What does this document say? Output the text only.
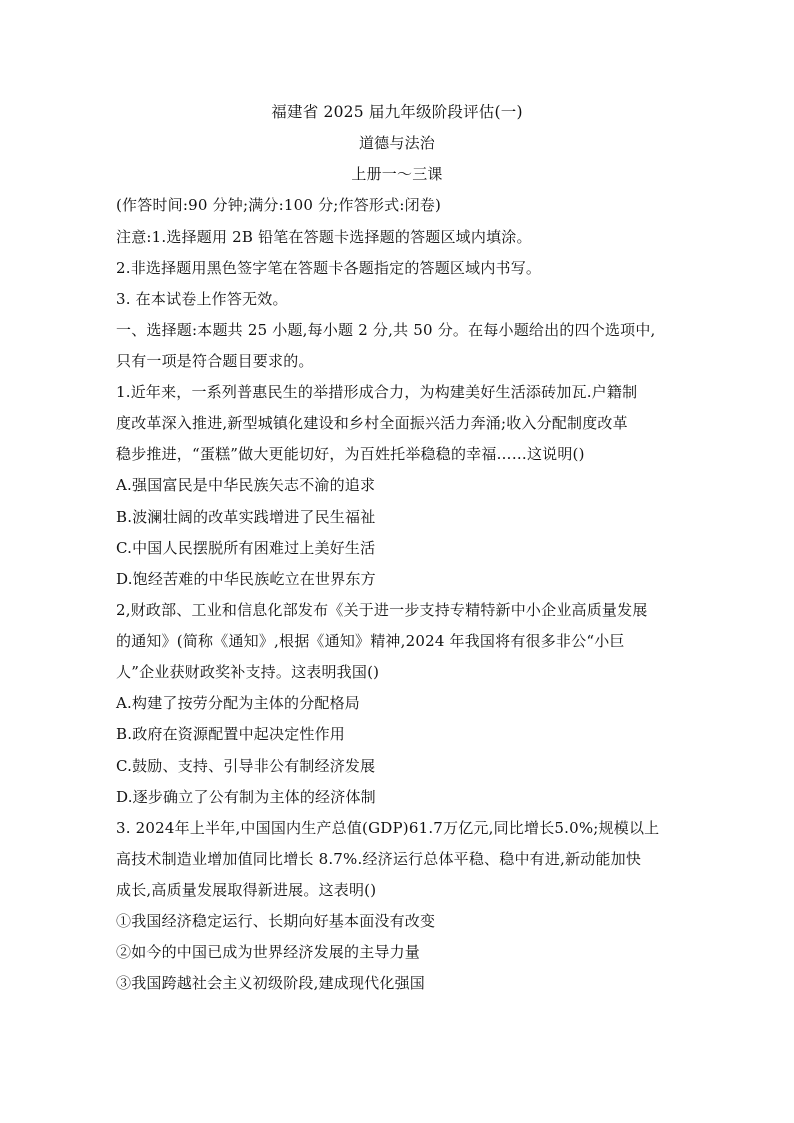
福建省 2025 届九年级阶段评估(一)
道德与法治
上册一～三课
(作答时间:90 分钟;满分:100 分;作答形式:闭卷)
注意:1.选择题用 2B 铅笔在答题卡选择题的答题区域内填涂。
2.非选择题用黑色签字笔在答题卡各题指定的答题区域内书写。
3. 在本试卷上作答无效。
一、选择题:本题共 25 小题,每小题 2 分,共 50 分。在每小题给出的四个选项中,
只有一项是符合题目要求的。
1.近年来，一系列普惠民生的举措形成合力，为构建美好生活添砖加瓦.户籍制
度改革深入推进,新型城镇化建设和乡村全面振兴活力奔涌;收入分配制度改革
稳步推进，“蛋糕”做大更能切好，为百姓托举稳稳的幸福……这说明()
A.强国富民是中华民族矢志不渝的追求
B.波澜壮阔的改革实践增进了民生福祉
C.中国人民摆脱所有困难过上美好生活
D.饱经苦难的中华民族屹立在世界东方
2,财政部、工业和信息化部发布《关于进一步支持专精特新中小企业高质量发展
的通知》(简称《通知》,根据《通知》精神,2024 年我国将有很多非公“小巨
人”企业获财政奖补支持。这表明我国()
A.构建了按劳分配为主体的分配格局
B.政府在资源配置中起决定性作用
C.鼓励、支持、引导非公有制经济发展
D.逐步确立了公有制为主体的经济体制
3. 2024年上半年,中国国内生产总值(GDP)61.7万亿元,同比增长5.0%;规模以上
高技术制造业增加值同比增长 8.7%.经济运行总体平稳、稳中有进,新动能加快
成长,高质量发展取得新进展。这表明()
①我国经济稳定运行、长期向好基本面没有改变
②如今的中国已成为世界经济发展的主导力量
③我国跨越社会主义初级阶段,建成现代化强国
